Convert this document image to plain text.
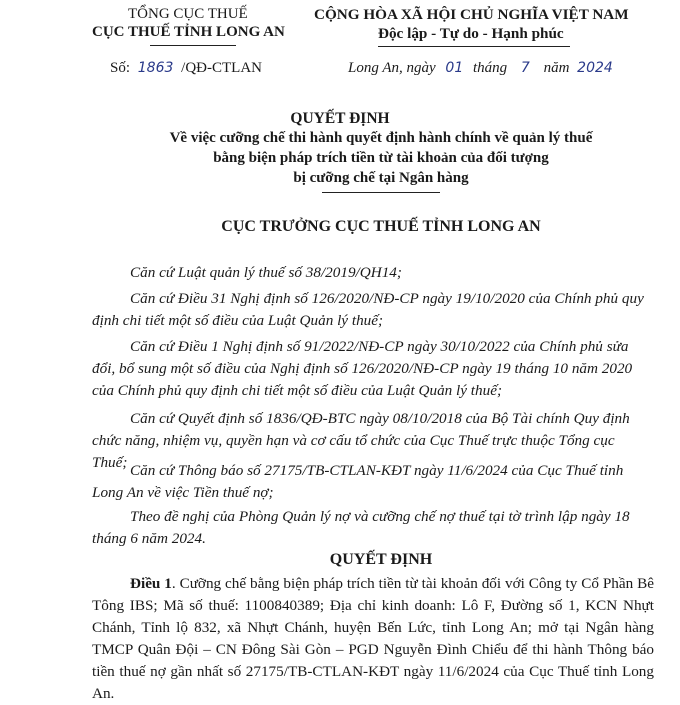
TỔNG CỤC THUẾ
CỤC THUẾ TỈNH LONG AN
CỘNG HÒA XÃ HỘI CHỦ NGHĨA VIỆT NAM
Độc lập - Tự do - Hạnh phúc
Số: 1863 /QĐ-CTLAN	Long An, ngày 01 tháng 7 năm 2024
QUYẾT ĐỊNH
Về việc cưỡng chế thi hành quyết định hành chính về quản lý thuế
bằng biện pháp trích tiền từ tài khoản của đối tượng
bị cưỡng chế tại Ngân hàng
CỤC TRƯỞNG CỤC THUẾ TỈNH LONG AN
Căn cứ Luật quản lý thuế số 38/2019/QH14;
Căn cứ Điều 31 Nghị định số 126/2020/NĐ-CP ngày 19/10/2020 của Chính phủ quy định chi tiết một số điều của Luật Quản lý thuế;
Căn cứ Điều 1 Nghị định số 91/2022/NĐ-CP ngày 30/10/2022 của Chính phủ sửa đổi, bổ sung một số điều của Nghị định số 126/2020/NĐ-CP ngày 19 tháng 10 năm 2020 của Chính phủ quy định chi tiết một số điều của Luật Quản lý thuế;
Căn cứ Quyết định số 1836/QĐ-BTC ngày 08/10/2018 của Bộ Tài chính Quy định chức năng, nhiệm vụ, quyền hạn và cơ cấu tổ chức của Cục Thuế trực thuộc Tổng cục Thuế; Căn cứ Thông báo số 27175/TB-CTLAN-KĐT ngày 11/6/2024 của Cục Thuế tỉnh Long An về việc Tiền thuế nợ;
Theo đề nghị của Phòng Quản lý nợ và cưỡng chế nợ thuế tại tờ trình lập ngày 18 tháng 6 năm 2024.
QUYẾT ĐỊNH
Điều 1. Cưỡng chế bằng biện pháp trích tiền từ tài khoản đối với Công ty Cổ Phần Bê Tông IBS; Mã số thuế: 1100840389; Địa chỉ kinh doanh: Lô F, Đường số 1, KCN Nhựt Chánh, Tỉnh lộ 832, xã Nhựt Chánh, huyện Bến Lức, tỉnh Long An; mở tại Ngân hàng TMCP Quân Đội – CN Đông Sài Gòn – PGD Nguyễn Đình Chiểu để thi hành Thông báo tiền thuế nợ gần nhất số 27175/TB-CTLAN-KĐT ngày 11/6/2024 của Cục Thuế tỉnh Long An.
